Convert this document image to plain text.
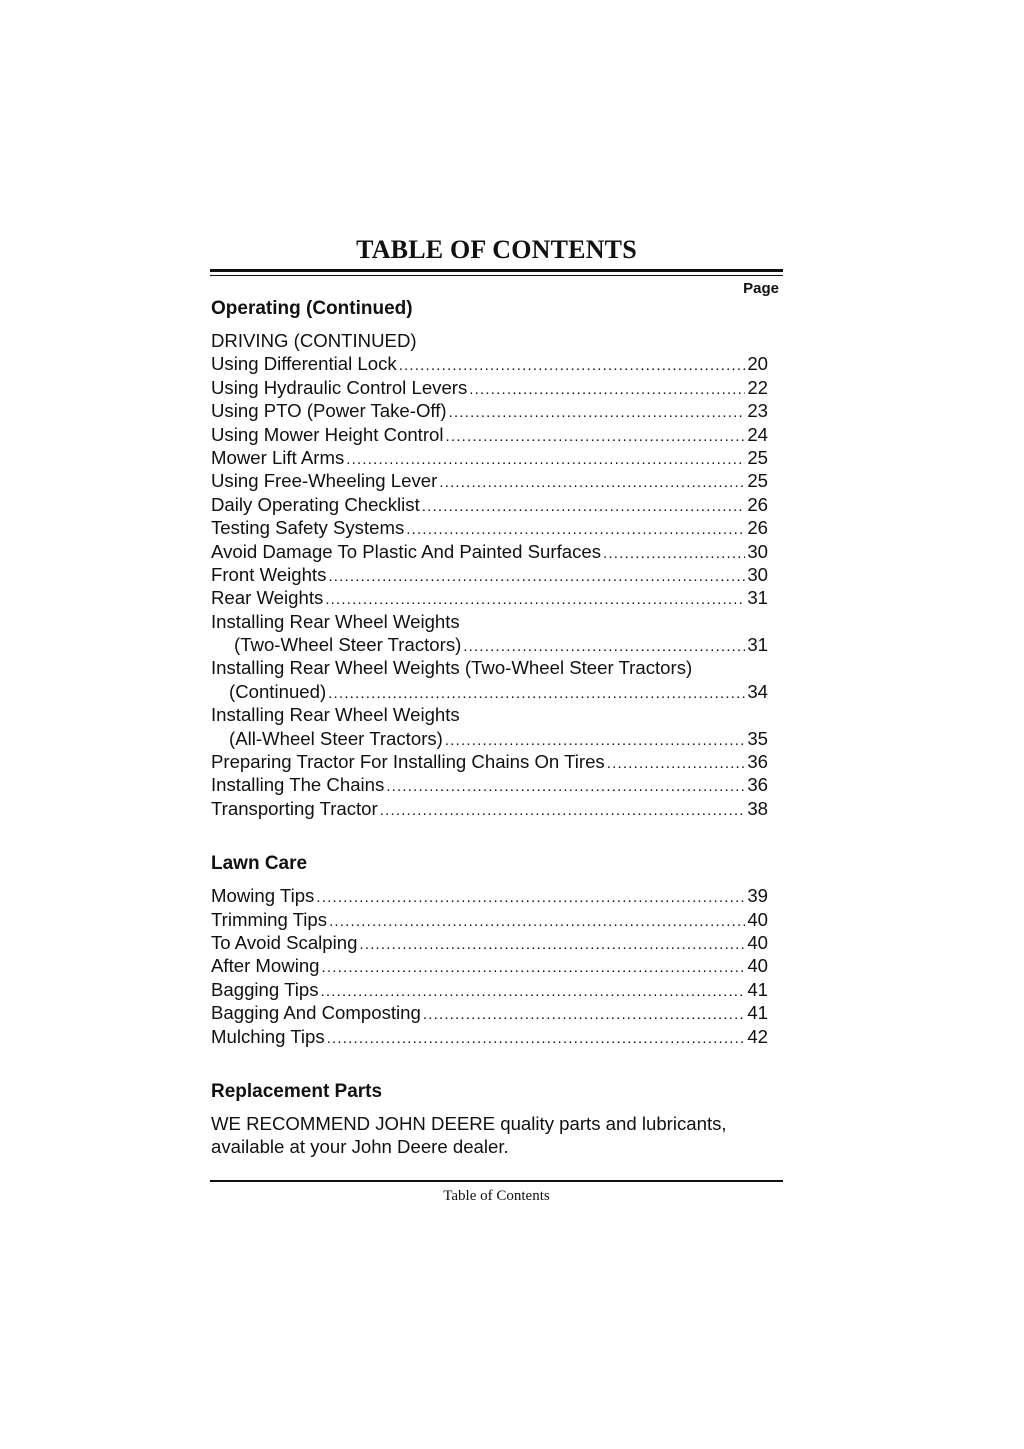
TABLE OF CONTENTS
Page
Operating (Continued)
DRIVING (CONTINUED)
Using Differential Lock .....	20
Using Hydraulic Control Levers .....	22
Using PTO (Power Take-Off) .....	23
Using Mower Height Control .....	24
Mower Lift Arms .....	25
Using Free-Wheeling Lever .....	25
Daily Operating Checklist .....	26
Testing Safety Systems .....	26
Avoid Damage To Plastic And Painted Surfaces .....	30
Front Weights .....	30
Rear Weights .....	31
Installing Rear Wheel Weights
(Two-Wheel Steer Tractors) .....	31
Installing Rear Wheel Weights (Two-Wheel Steer Tractors)
(Continued) .....	34
Installing Rear Wheel Weights
(All-Wheel Steer Tractors) .....	35
Preparing Tractor For Installing Chains On Tires .....	36
Installing The Chains .....	36
Transporting Tractor .....	38
Lawn Care
Mowing Tips .....	39
Trimming Tips .....	40
To Avoid Scalping .....	40
After Mowing .....	40
Bagging Tips .....	41
Bagging And Composting .....	41
Mulching Tips .....	42
Replacement Parts

WE RECOMMEND JOHN DEERE quality parts and lubricants, available at your John Deere dealer.

Table of Contents
